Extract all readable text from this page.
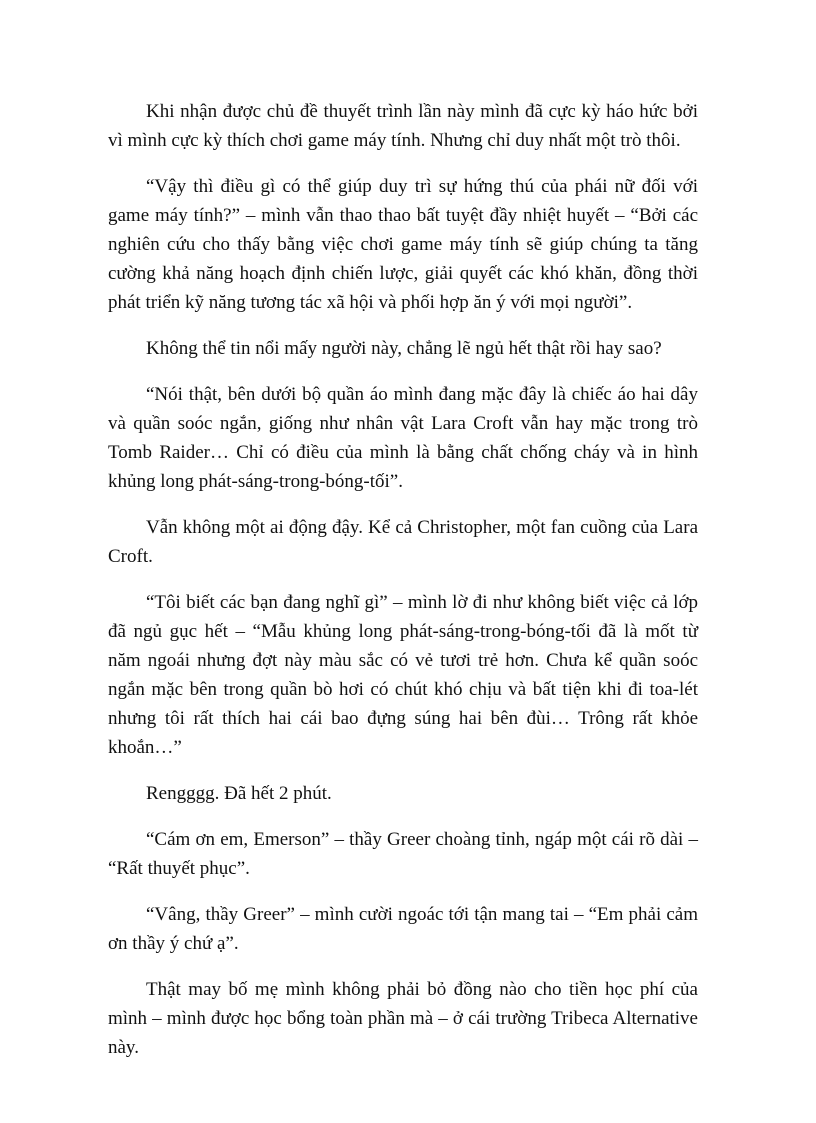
Khi nhận được chủ đề thuyết trình lần này mình đã cực kỳ háo hức bởi vì mình cực kỳ thích chơi game máy tính. Nhưng chỉ duy nhất một trò thôi.

“Vậy thì điều gì có thể giúp duy trì sự hứng thú của phái nữ đối với game máy tính?” – mình vẫn thao thao bất tuyệt đầy nhiệt huyết – “Bởi các nghiên cứu cho thấy bằng việc chơi game máy tính sẽ giúp chúng ta tăng cường khả năng hoạch định chiến lược, giải quyết các khó khăn, đồng thời phát triển kỹ năng tương tác xã hội và phối hợp ăn ý với mọi người”.

Không thể tin nổi mấy người này, chẳng lẽ ngủ hết thật rồi hay sao?

“Nói thật, bên dưới bộ quần áo mình đang mặc đây là chiếc áo hai dây và quần soóc ngắn, giống như nhân vật Lara Croft vẫn hay mặc trong trò Tomb Raider… Chỉ có điều của mình là bằng chất chống cháy và in hình khủng long phát-sáng-trong-bóng-tối”.

Vẫn không một ai động đậy. Kể cả Christopher, một fan cuồng của Lara Croft.

“Tôi biết các bạn đang nghĩ gì” – mình lờ đi như không biết việc cả lớp đã ngủ gục hết – “Mẫu khủng long phát-sáng-trong-bóng-tối đã là mốt từ năm ngoái nhưng đợt này màu sắc có vẻ tươi trẻ hơn. Chưa kể quần soóc ngắn mặc bên trong quần bò hơi có chút khó chịu và bất tiện khi đi toa-lét nhưng tôi rất thích hai cái bao đựng súng hai bên đùi… Trông rất khỏe khoắn…”

Rengggg. Đã hết 2 phút.

“Cám ơn em, Emerson” – thầy Greer choàng tỉnh, ngáp một cái rõ dài – “Rất thuyết phục”.

“Vâng, thầy Greer” – mình cười ngoác tới tận mang tai – “Em phải cảm ơn thầy ý chứ ạ”.

Thật may bố mẹ mình không phải bỏ đồng nào cho tiền học phí của mình – mình được học bổng toàn phần mà – ở cái trường Tribeca Alternative này.
